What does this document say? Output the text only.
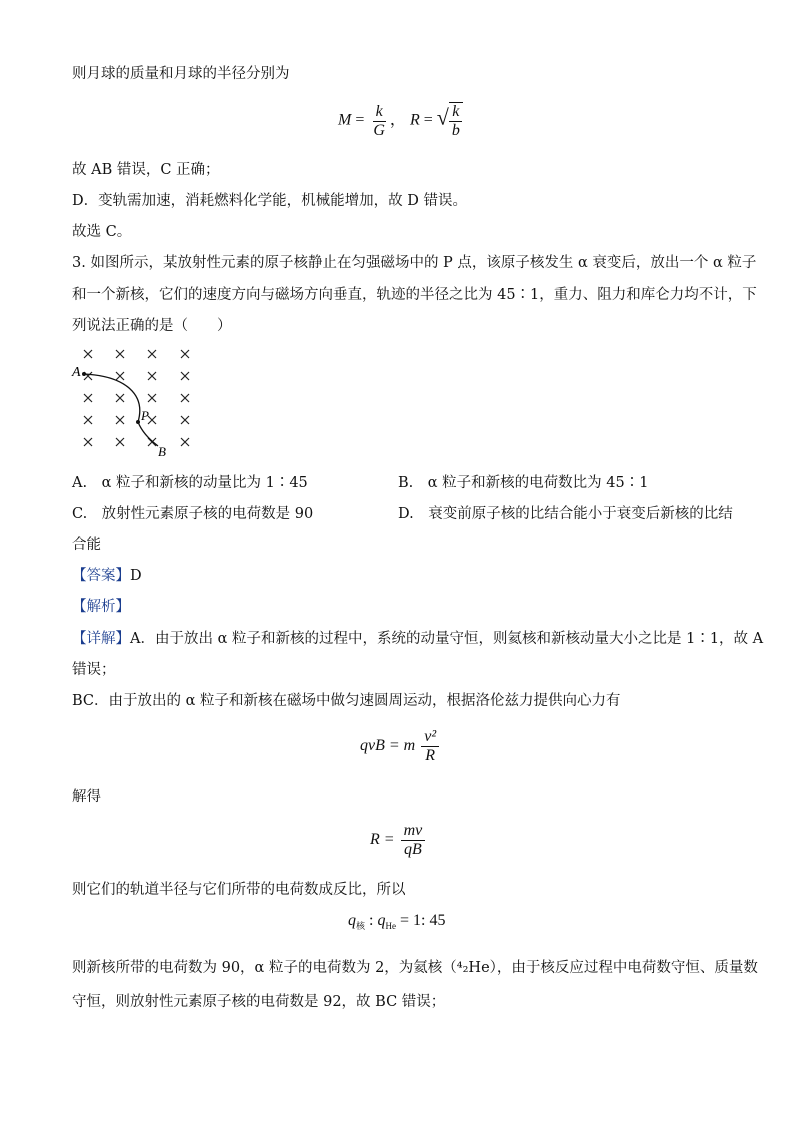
则月球的质量和月球的半径分别为
$M = \frac{k}{G}$ ， R = √ $\frac{k}{b}$
故 AB 错误，C 正确；
D．变轨需加速，消耗燃料化学能，机械能增加，故 D 错误。
故选 C。
3. 如图所示，某放射性元素的原子核静止在匀强磁场中的 P 点，该原子核发生 α 衰变后，放出一个 α 粒子
和一个新核，它们的速度方向与磁场方向垂直，轨迹的半径之比为 45∶1，重力、阻力和库仑力均不计，下
列说法正确的是（　　）
A
P
B
A.　α 粒子和新核的动量比为 1∶45	B.　α 粒子和新核的电荷数比为 45∶1
C.　放射性元素原子核的电荷数是 90	D.　衰变前原子核的比结合能小于衰变后新核的比结
合能
【答案】D
【解析】
【详解】A．由于放出 α 粒子和新核的过程中，系统的动量守恒，则氦核和新核动量大小之比是 1∶1，故 A
错误；
BC．由于放出的 α 粒子和新核在磁场中做匀速圆周运动，根据洛伦兹力提供向心力有
qvB = m $\frac{\text{v²}}{R}$
解得
$R = \frac{mv}{qB}$
则它们的轨道半径与它们所带的电荷数成反比，所以
$q_核$ : $q_{He} = 1$: 45
则新核所带的电荷数为 90，α 粒子的电荷数为 2，为氦核（⁴₂He），由于核反应过程中电荷数守恒、质量数
守恒，则放射性元素原子核的电荷数是 92，故 BC 错误；
